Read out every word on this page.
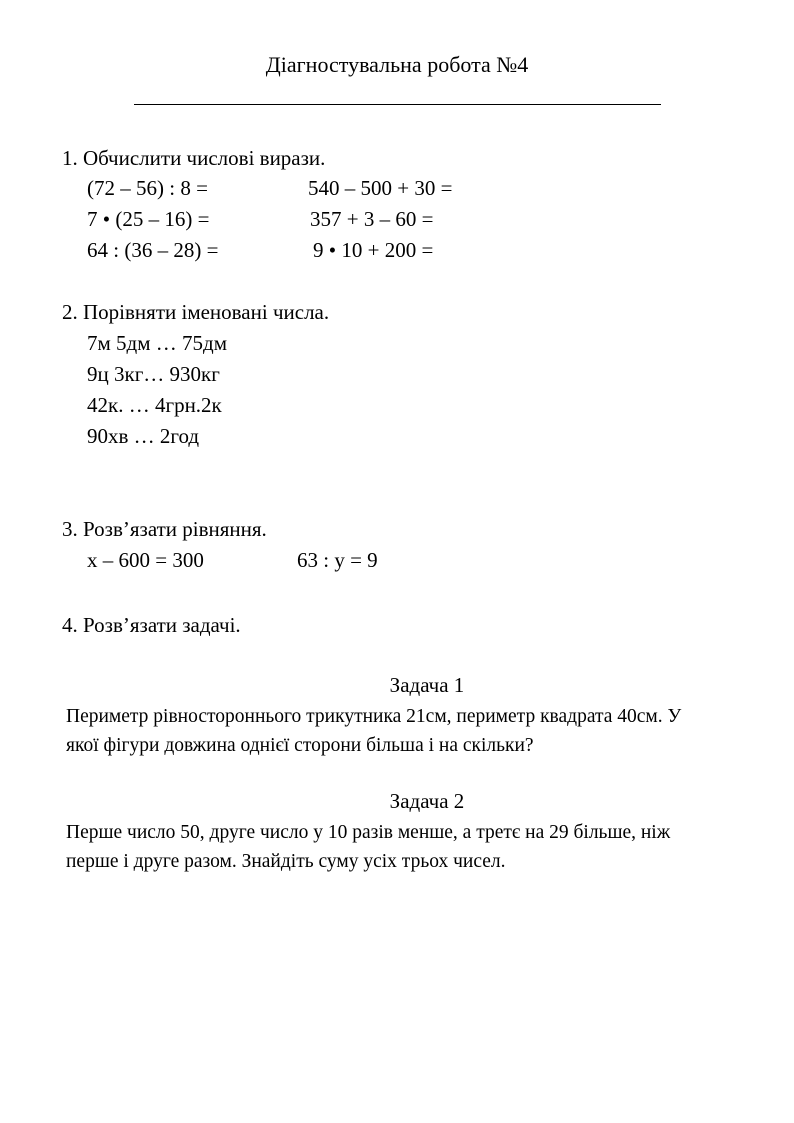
Діагностувальна робота №4
1. Обчислити числові вирази.
(72 – 56) : 8 =
7 • (25 – 16) =
64 : (36 – 28) =
540 – 500 + 30 =
357 + 3 – 60 =
9 • 10 + 200 =
2. Порівняти іменовані числа.
7м 5дм … 75дм
9ц 3кг… 930кг
42к. … 4грн.2к
90хв … 2год
3. Розв’язати рівняння.
х – 600 = 300	63 : у = 9
4. Розв’язати задачі.
Задача 1
Периметр рівностороннього трикутника 21см, периметр квадрата 40см. У
якої фігури довжина однієї сторони більша і на скільки?
Задача 2
Перше число 50, друге число у 10 разів менше, а третє на 29 більше, ніж
перше і друге разом. Знайдіть суму усіх трьох чисел.
